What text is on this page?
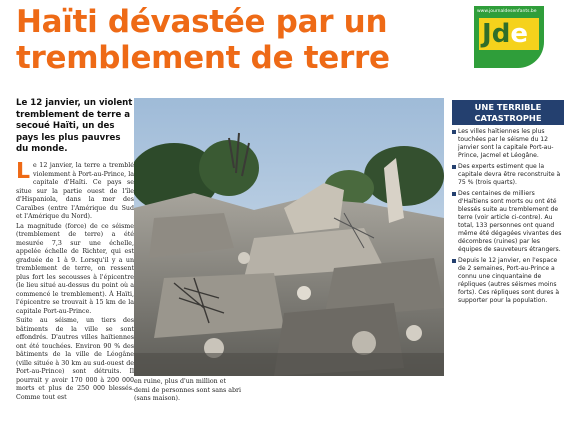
Haïti dévastée par un
tremblement de terre
www.journaldesenfants.be
Jde
Le 12 janvier, un violent tremblement de terre a secoué Haïti, un des pays les plus pauvres du monde.

Le 12 janvier, la terre a tremblé violemment à Port-au-Prince, la capitale d'Haïti. Ce pays se situe sur la partie ouest de l'île d'Hispaniola, dans la mer des Caraïbes (entre l'Amérique du Sud et l'Amérique du Nord).

La magnitude (force) de ce séisme (tremblement de terre) a été mesurée 7,3 sur une échelle, appelée échelle de Richter, qui est graduée de 1 à 9. Lorsqu'il y a un tremblement de terre, on ressent plus fort les secousses à l'épicentre (le lieu situé au-dessus du point où a commencé le tremblement). À Haïti, l'épicentre se trouvait à 15 km de la capitale Port-au-Prince.

Suite au séisme, un tiers des bâtiments de la ville se sont effondrés. D'autres villes haïtiennes ont été touchées. Environ 90 % des bâtiments de la ville de Léogâne (ville située à 30 km au sud-ouest de Port-au-Prince) sont détruits. Il pourrait y avoir 170 000 à 200 000 morts et plus de 250 000 blessés. Comme tout est

en ruine, plus d'un million et demi de personnes sont sans abri (sans maison).
UNE TERRIBLE CATASTROPHE
Les villes haïtiennes les plus touchées par le séisme du 12 janvier sont la capitale Port-au-Prince, Jacmel et Léogâne.
Des experts estiment que la capitale devra être reconstruite à 75 % (trois quarts).
Des centaines de milliers d'Haïtiens sont morts ou ont été blessés suite au tremblement de terre (voir article ci-contre). Au total, 133 personnes ont quand même été dégagées vivantes des décombres (ruines) par les équipes de sauveteurs étrangers.
Depuis le 12 janvier, en l'espace de 2 semaines, Port-au-Prince a connu une cinquantaine de répliques (autres séismes moins forts). Ces répliques sont dures à supporter pour la population.
